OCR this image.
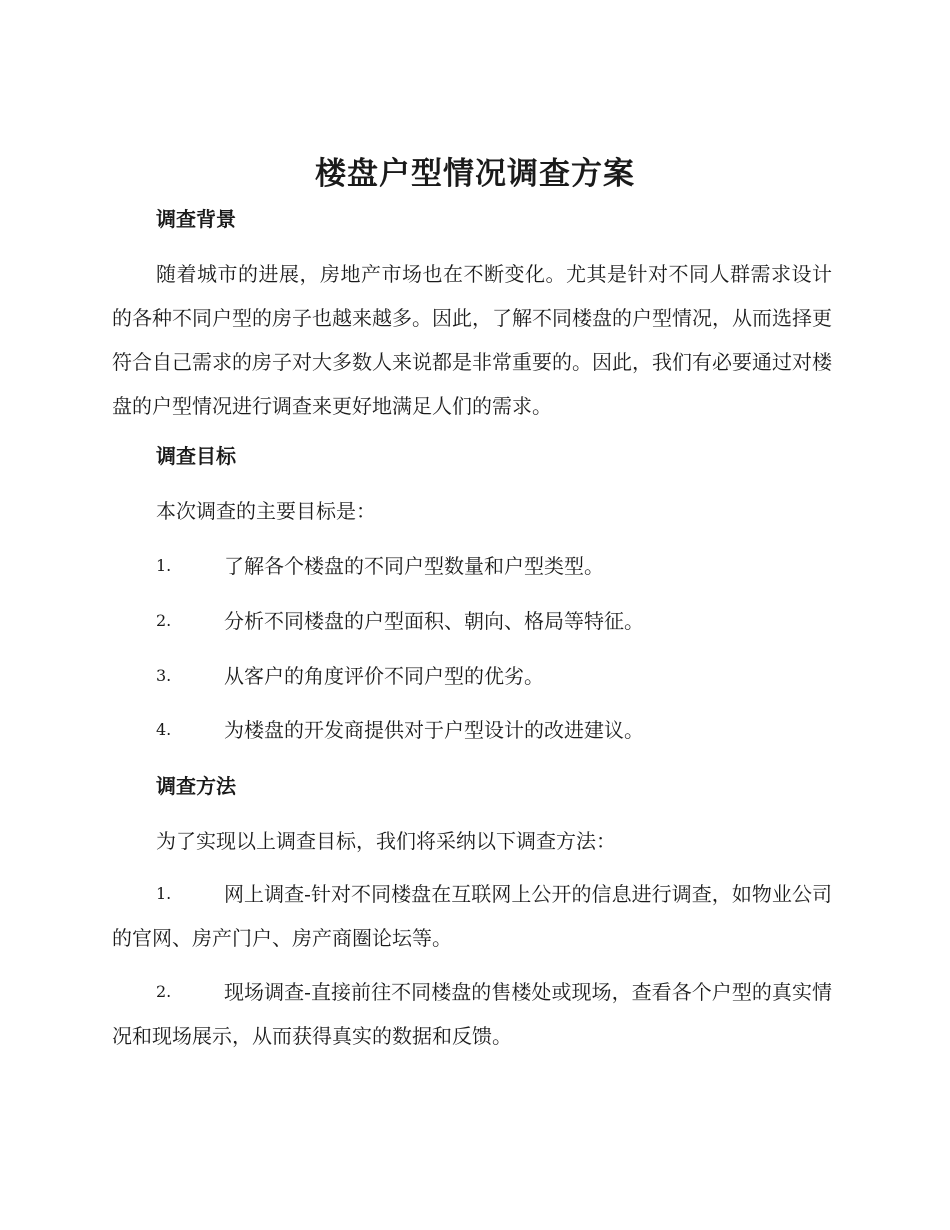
楼盘户型情况调查方案
调查背景
随着城市的进展，房地产市场也在不断变化。尤其是针对不同人群需求设计的各种不同户型的房子也越来越多。因此，了解不同楼盘的户型情况，从而选择更符合自己需求的房子对大多数人来说都是非常重要的。因此，我们有必要通过对楼盘的户型情况进行调查来更好地满足人们的需求。
调查目标
本次调查的主要目标是：
1.	了解各个楼盘的不同户型数量和户型类型。
2.	分析不同楼盘的户型面积、朝向、格局等特征。
3.	从客户的角度评价不同户型的优劣。
4.	为楼盘的开发商提供对于户型设计的改进建议。
调查方法
为了实现以上调查目标，我们将采纳以下调查方法：
1.	网上调查-针对不同楼盘在互联网上公开的信息进行调查，如物业公司的官网、房产门户、房产商圈论坛等。
2.	现场调查-直接前往不同楼盘的售楼处或现场，查看各个户型的真实情况和现场展示，从而获得真实的数据和反馈。
